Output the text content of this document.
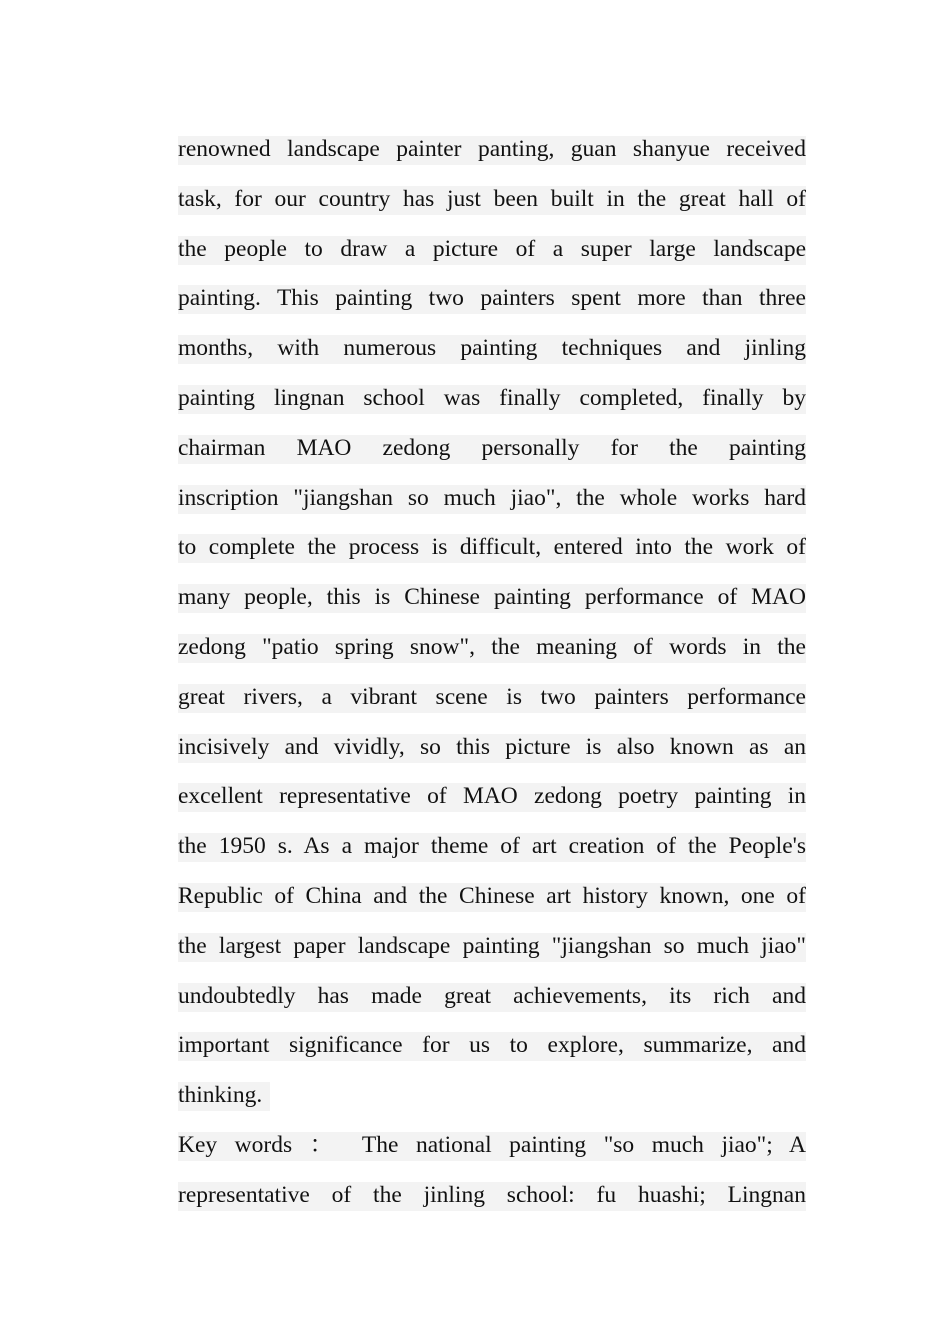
renowned landscape painter panting, guan shanyue received
task, for our country has just been built in the great hall of
the people to draw a picture of a super large landscape
painting. This painting two painters spent more than three
months, with numerous painting techniques and jinling
painting lingnan school was finally completed, finally by
chairman MAO zedong personally for the painting
inscription "jiangshan so much jiao", the whole works hard
to complete the process is difficult, entered into the work of
many people, this is Chinese painting performance of MAO
zedong "patio spring snow", the meaning of words in the
great rivers, a vibrant scene is two painters performance
incisively and vividly, so this picture is also known as an
excellent representative of MAO zedong poetry painting in
the 1950 s. As a major theme of art creation of the People's
Republic of China and the Chinese art history known, one of
the largest paper landscape painting "jiangshan so much jiao"
undoubtedly has made great achievements, its rich and
important significance for us to explore, summarize, and
thinking.
Key words ： The national painting "so much jiao"; A
representative of the jinling school: fu huashi; Lingnan
